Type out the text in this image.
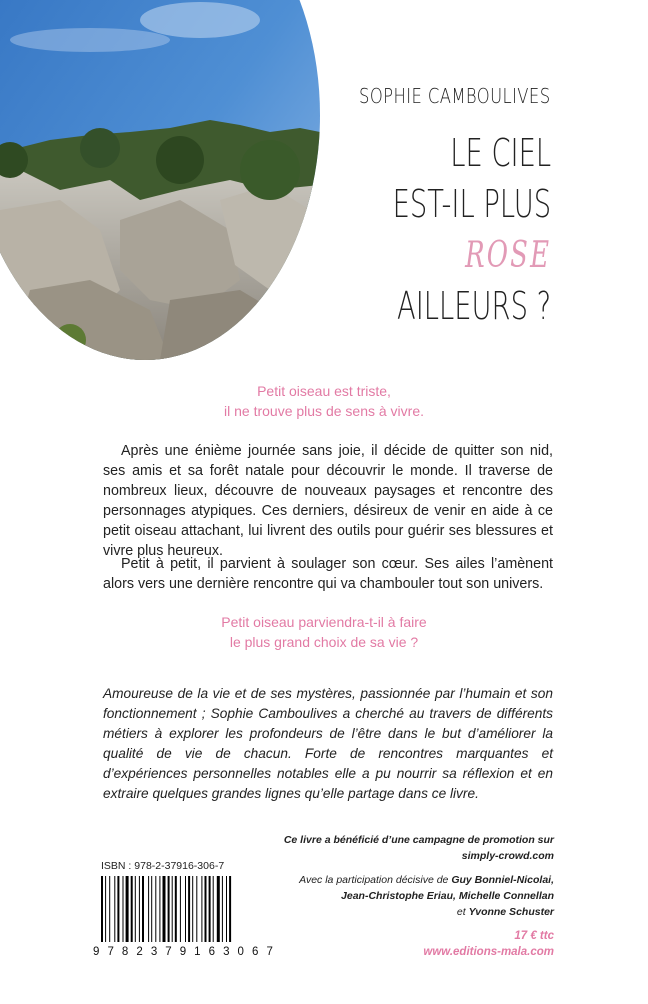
SOPHIE CAMBOULIVES
LE CIEL
EST-IL PLUS
ROSE
AILLEURS ?
Petit oiseau est triste,
il ne trouve plus de sens à vivre.
Après une énième journée sans joie, il décide de quitter son nid, ses amis et sa forêt natale pour découvrir le monde. Il traverse de nombreux lieux, découvre de nouveaux paysages et rencontre des personnages atypiques. Ces derniers, désireux de venir en aide à ce petit oiseau attachant, lui livrent des outils pour guérir ses blessures et vivre plus heureux.
Petit à petit, il parvient à soulager son cœur. Ses ailes l’amènent alors vers une dernière rencontre qui va chambouler tout son univers.
Petit oiseau parviendra-t-il à faire
le plus grand choix de sa vie ?
Amoureuse de la vie et de ses mystères, passionnée par l’humain et son fonctionnement ; Sophie Camboulives a cherché au travers de différents métiers à explorer les profondeurs de l’être dans le but d’améliorer la qualité de vie de chacun. Forte de rencontres marquantes et d’expériences personnelles notables elle a pu nourrir sa réflexion et en extraire quelques grandes lignes qu’elle partage dans ce livre.
Ce livre a bénéficié d’une campagne de promotion sur
simply-crowd.com
Avec la participation décisive de Guy Bonniel-Nicolai,
Jean-Christophe Eriau, Michelle Connellan
et Yvonne Schuster
ISBN : 978-2-37916-306-7
9 7 8 2 3 7 9 1 6 3 0 6 7
17 € ttc
www.editions-mala.com
